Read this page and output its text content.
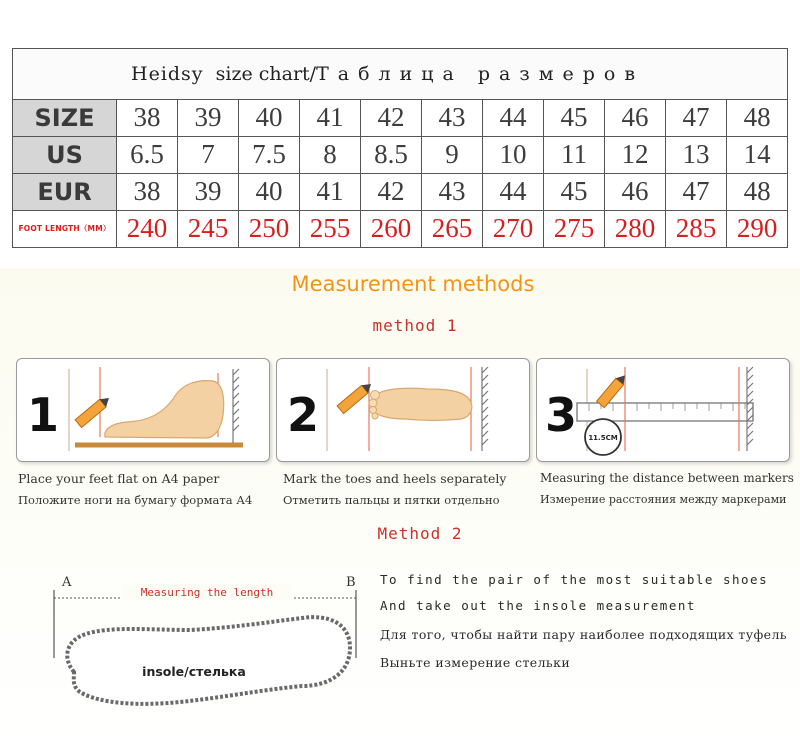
Heidsy size chart/Таблица размеров											
SIZE	38	39	40	41	42	43	44	45	46	47	48
US	6.5	7	7.5	8	8.5	9	10	11	12	13	14
EUR	38	39	40	41	42	43	44	45	46	47	48
FOOT LENGTH（MM）	240	245	250	255	260	265	270	275	280	285	290
Measurement methods
method 1
1	2	3 11.5CM
Place your feet flat on A4 paper
Положите ноги на бумагу формата А4
Mark the toes and heels separately
Отметить пальцы и пятки отдельно
Measuring the distance between markers
Измерение расстояния между маркерами
Method 2
A	B
Measuring the length
insole/стелька
To find the pair of the most suitable shoes
And take out the insole measurement
Для того, чтобы найти пару наиболее подходящих туфель
Выньте измерение стельки
